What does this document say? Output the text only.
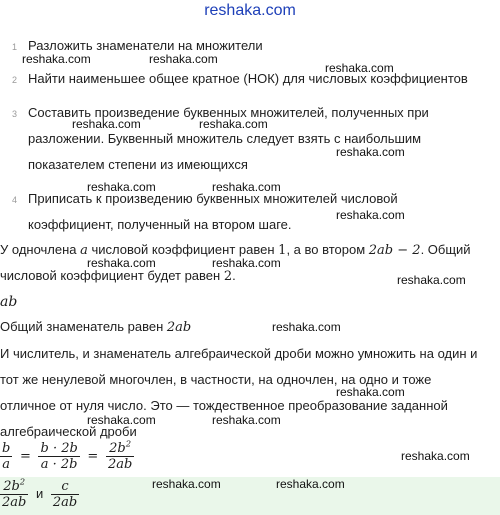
reshaka.com

1 Разложить знаменатели на множители
2 Найти наименьшее общее кратное (НОК) для числовых коэффициентов
3 Составить произведение буквенных множителей, полученных при
разложении. Буквенный множитель следует взять с наибольшим
показателем степени из имеющихся
4 Приписать к произведению буквенных множителей числовой
коэффициент, полученный на втором шаге.
У одночлена a числовой коэффициент равен 1, а во втором 2ab − 2. Общий
числовой коэффициент будет равен 2.
ab
Общий знаменатель равен 2ab
И числитель, и знаменатель алгебраической дроби можно умножить на один и
тот же ненулевой многочлен, в частности, на одночлен, на одно и тоже
отличное от нуля число. Это — тождественное преобразование заданной
алгебраической дроби
$\frac{b}{a} = \frac{b \cdot 2b}{a \cdot 2b} = \frac{2b^2}{2ab}$
$\frac{2b^2}{2ab}$ и $\frac{c}{2ab}$
reshaka.com	reshaka.com
reshaka.com
reshaka.com	reshaka.com
reshaka.com
reshaka.com	reshaka.com
reshaka.com
reshaka.com	reshaka.com
reshaka.com
reshaka.com
reshaka.com
reshaka.com	reshaka.com
reshaka.com
reshaka.com	reshaka.com
